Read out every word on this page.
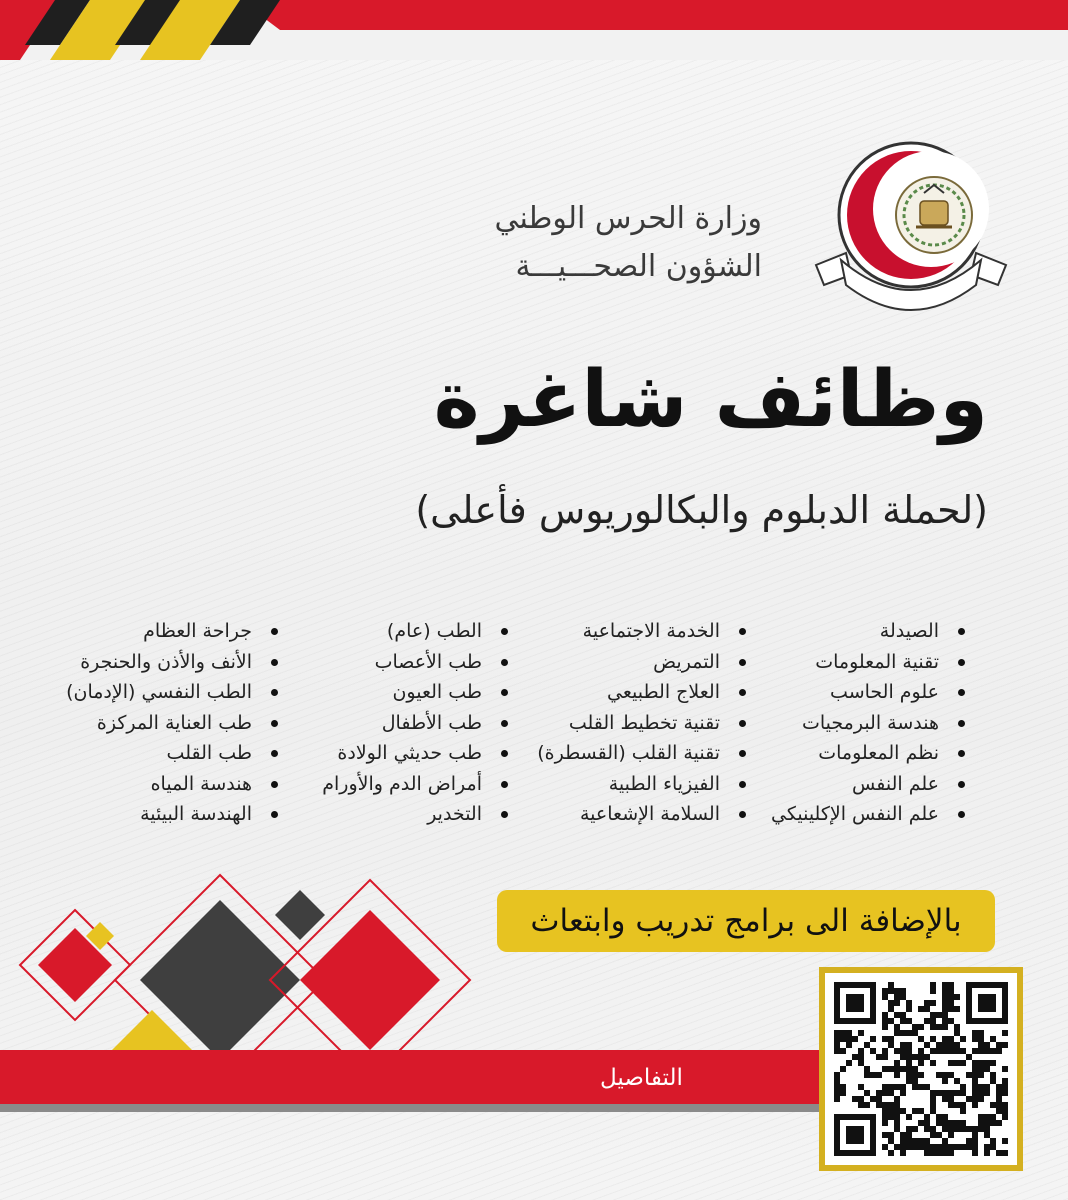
وزارة الحرس الوطني
الشؤون الصحـــيـــة
وظائف شاغرة
(لحملة الدبلوم والبكالوريوس فأعلى)
الصيدلة
تقنية المعلومات
علوم الحاسب
هندسة البرمجيات
نظم المعلومات
علم النفس
علم النفس الإكلينيكي
الخدمة الاجتماعية
التمريض
العلاج الطبيعي
تقنية تخطيط القلب
تقنية القلب (القسطرة)
الفيزياء الطبية
السلامة الإشعاعية
الطب (عام)
طب الأعصاب
طب العيون
طب الأطفال
طب حديثي الولادة
أمراض الدم والأورام
التخدير
جراحة العظام
الأنف والأذن والحنجرة
الطب النفسي (الإدمان)
طب العناية المركزة
طب القلب
هندسة المياه
الهندسة البيئية
بالإضافة الى برامج تدريب وابتعاث
التفاصيل
